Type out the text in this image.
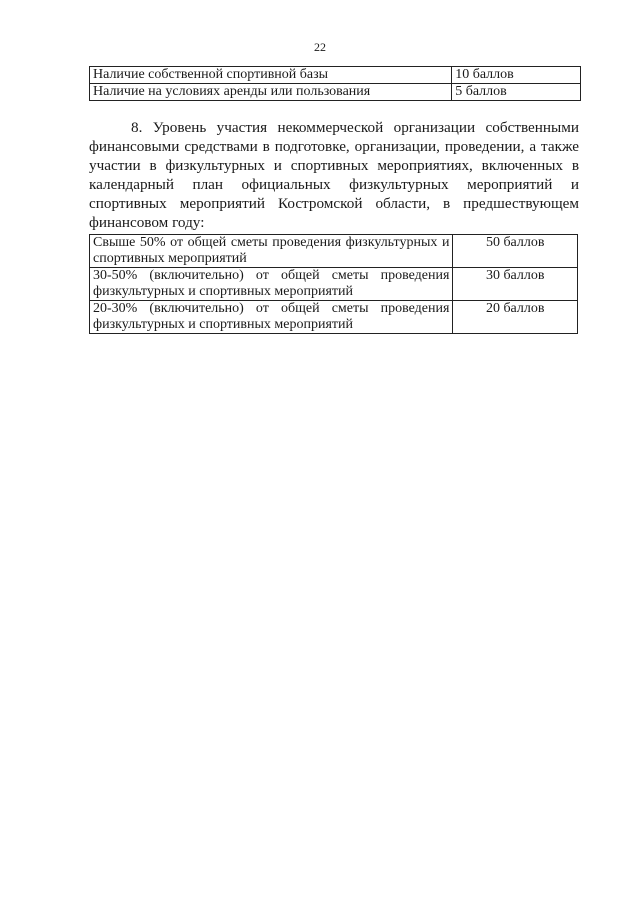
22
Наличие собственной спортивной базы	10 баллов
Наличие на условиях аренды или пользования	5 баллов

8. Уровень участия некоммерческой организации собственными финансовыми средствами в подготовке, организации, проведении, а также участии в физкультурных и спортивных мероприятиях, включенных в календарный план официальных физкультурных мероприятий и спортивных мероприятий Костромской области, в предшествующем финансовом году:

Свыше 50% от общей сметы проведения физкультурных и спортивных мероприятий	50 баллов
30-50% (включительно) от общей сметы проведения физкультурных и спортивных мероприятий	30 баллов
20-30% (включительно) от общей сметы проведения физкультурных и спортивных мероприятий	20 баллов
